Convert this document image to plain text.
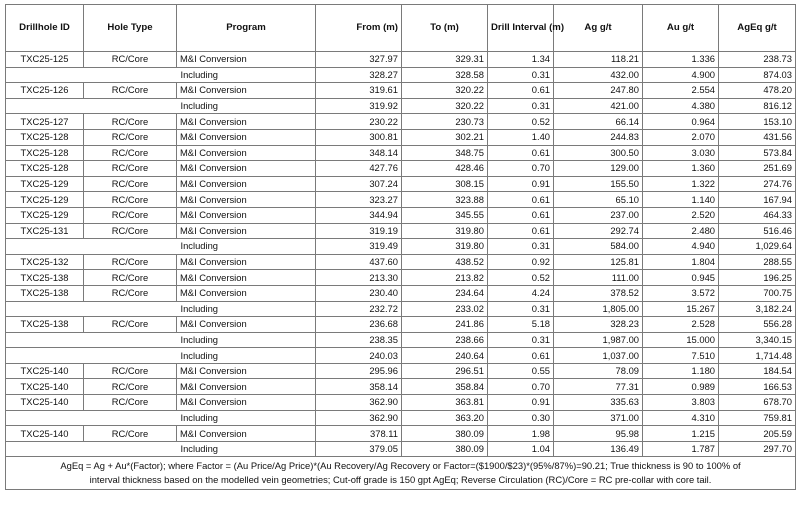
Drillhole ID	Hole Type	Program	From (m)	To (m)	Drill Interval (m)	Ag g/t	Au g/t	AgEq g/t
TXC25-125	RC/Core	M&I Conversion	327.97	329.31	1.34	118.21	1.336	238.73
	Including		328.27	328.58	0.31	432.00	4.900	874.03
TXC25-126	RC/Core	M&I Conversion	319.61	320.22	0.61	247.80	2.554	478.20
	Including		319.92	320.22	0.31	421.00	4.380	816.12
TXC25-127	RC/Core	M&I Conversion	230.22	230.73	0.52	66.14	0.964	153.10
TXC25-128	RC/Core	M&I Conversion	300.81	302.21	1.40	244.83	2.070	431.56
TXC25-128	RC/Core	M&I Conversion	348.14	348.75	0.61	300.50	3.030	573.84
TXC25-128	RC/Core	M&I Conversion	427.76	428.46	0.70	129.00	1.360	251.69
TXC25-129	RC/Core	M&I Conversion	307.24	308.15	0.91	155.50	1.322	274.76
TXC25-129	RC/Core	M&I Conversion	323.27	323.88	0.61	65.10	1.140	167.94
TXC25-129	RC/Core	M&I Conversion	344.94	345.55	0.61	237.00	2.520	464.33
TXC25-131	RC/Core	M&I Conversion	319.19	319.80	0.61	292.74	2.480	516.46
	Including		319.49	319.80	0.31	584.00	4.940	1,029.64
TXC25-132	RC/Core	M&I Conversion	437.60	438.52	0.92	125.81	1.804	288.55
TXC25-138	RC/Core	M&I Conversion	213.30	213.82	0.52	111.00	0.945	196.25
TXC25-138	RC/Core	M&I Conversion	230.40	234.64	4.24	378.52	3.572	700.75
	Including		232.72	233.02	0.31	1,805.00	15.267	3,182.24
TXC25-138	RC/Core	M&I Conversion	236.68	241.86	5.18	328.23	2.528	556.28
	Including		238.35	238.66	0.31	1,987.00	15.000	3,340.15
	Including		240.03	240.64	0.61	1,037.00	7.510	1,714.48
TXC25-140	RC/Core	M&I Conversion	295.96	296.51	0.55	78.09	1.180	184.54
TXC25-140	RC/Core	M&I Conversion	358.14	358.84	0.70	77.31	0.989	166.53
TXC25-140	RC/Core	M&I Conversion	362.90	363.81	0.91	335.63	3.803	678.70
	Including		362.90	363.20	0.30	371.00	4.310	759.81
TXC25-140	RC/Core	M&I Conversion	378.11	380.09	1.98	95.98	1.215	205.59
	Including		379.05	380.09	1.04	136.49	1.787	297.70
AgEq = Ag + Au*(Factor); where Factor = (Au Price/Ag Price)*(Au Recovery/Ag Recovery or Factor=($1900/$23)*(95%/87%)=90.21; True thickness is 90 to 100% of interval thickness based on the modelled vein geometries; Cut-off grade is 150 gpt AgEq; Reverse Circulation (RC)/Core = RC pre-collar with core tail.								
